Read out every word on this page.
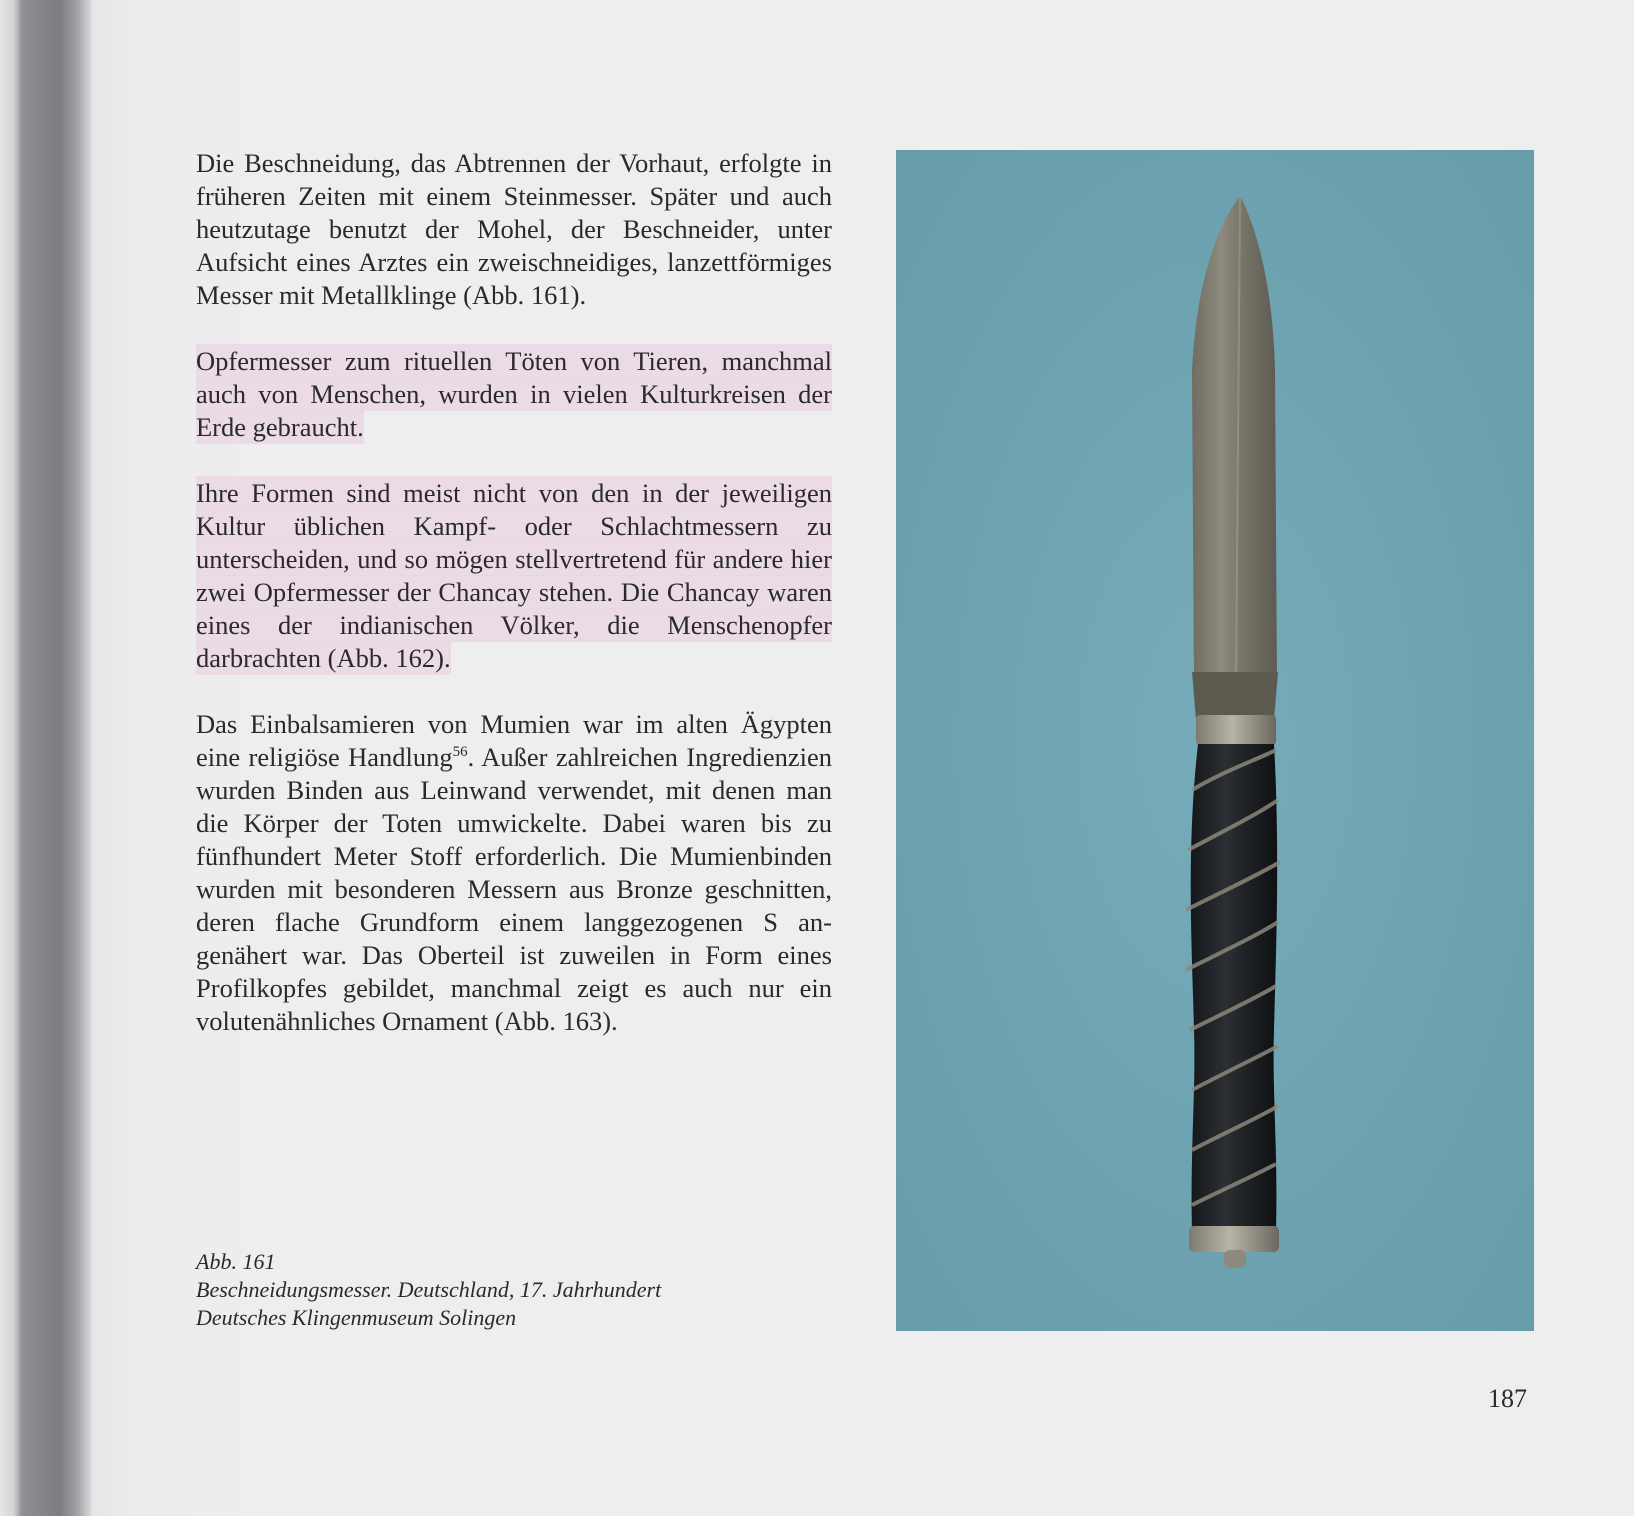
Die Beschneidung, das Abtrennen der Vorhaut, erfolgte in früheren Zeiten mit einem Steinmesser. Später und auch heutzutage benutzt der Mohel, der Beschneider, unter Aufsicht eines Arztes ein zweischneidiges, lanzettförmiges Messer mit Metallklinge (Abb. 161).

Opfermesser zum rituellen Töten von Tieren, manchmal auch von Menschen, wurden in vielen Kulturkreisen der Erde gebraucht.

Ihre Formen sind meist nicht von den in der jeweiligen Kultur üblichen Kampf- oder Schlachtmessern zu unterscheiden, und so mögen stellvertretend für andere hier zwei Opfermesser der Chancay stehen. Die Chancay waren eines der indianischen Völker, die Menschenopfer darbrachten (Abb. 162).

Das Einbalsamieren von Mumien war im alten Ägypten eine religiöse Handlung$^{56}$. Außer zahlreichen Ingredienzien wurden Binden aus Leinwand verwendet, mit denen man die Körper der Toten umwickelte. Dabei waren bis zu fünfhundert Meter Stoff erforderlich. Die Mumienbinden wurden mit besonderen Messern aus Bronze geschnitten, deren flache Grundform einem langgezogenen S angenähert war. Das Oberteil ist zuweilen in Form eines Profilkopfes gebildet, manchmal zeigt es auch nur ein volutenähnliches Ornament (Abb. 163).

Abb. 161
Beschneidungsmesser. Deutschland, 17. Jahrhundert
Deutsches Klingenmuseum Solingen
187
